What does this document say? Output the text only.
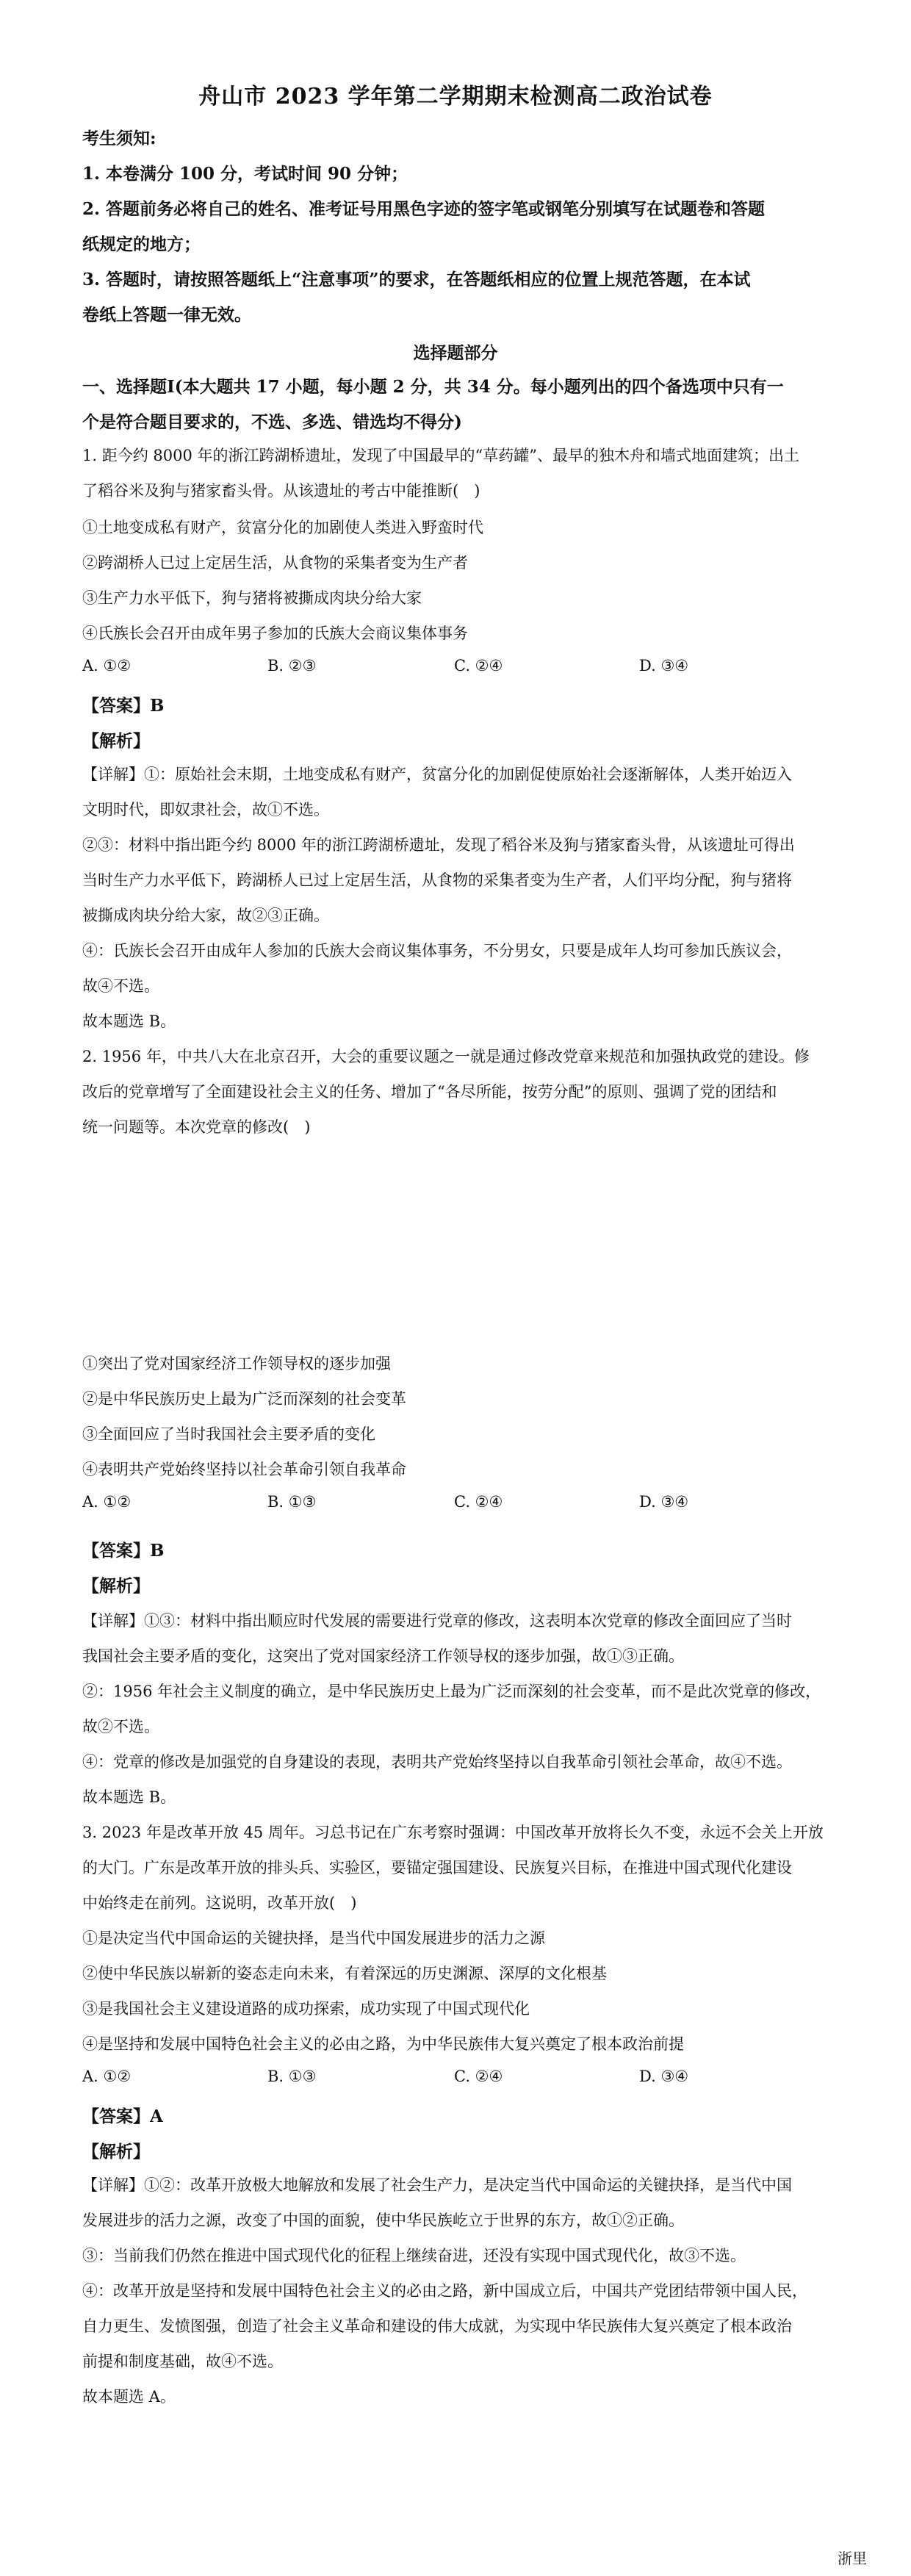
舟山市 2023 学年第二学期期末检测高二政治试卷
考生须知:
1. 本卷满分 100 分，考试时间 90 分钟；
2. 答题前务必将自己的姓名、准考证号用黑色字迹的签字笔或钢笔分别填写在试题卷和答题
纸规定的地方；
3. 答题时，请按照答题纸上“注意事项”的要求，在答题纸相应的位置上规范答题，在本试
卷纸上答题一律无效。
选择题部分
一、选择题Ⅰ(本大题共 17 小题，每小题 2 分，共 34 分。每小题列出的四个备选项中只有一
个是符合题目要求的，不选、多选、错选均不得分)
1. 距今约 8000 年的浙江跨湖桥遗址，发现了中国最早的“草药罐”、最早的独木舟和墙式地面建筑；出土
了稻谷米及狗与猪家畜头骨。从该遗址的考古中能推断(　)
①土地变成私有财产，贫富分化的加剧使人类进入野蛮时代
②跨湖桥人已过上定居生活，从食物的采集者变为生产者
③生产力水平低下，狗与猪将被撕成肉块分给大家
④氏族长会召开由成年男子参加的氏族大会商议集体事务
A. ①②	B. ②③	C. ②④	D. ③④
【答案】B
【解析】
【详解】①：原始社会末期，土地变成私有财产，贫富分化的加剧促使原始社会逐渐解体，人类开始迈入
文明时代，即奴隶社会，故①不选。
②③：材料中指出距今约 8000 年的浙江跨湖桥遗址，发现了稻谷米及狗与猪家畜头骨，从该遗址可得出
当时生产力水平低下，跨湖桥人已过上定居生活，从食物的采集者变为生产者，人们平均分配，狗与猪将
被撕成肉块分给大家，故②③正确。
④：氏族长会召开由成年人参加的氏族大会商议集体事务，不分男女，只要是成年人均可参加氏族议会，
故④不选。
故本题选 B。
2. 1956 年，中共八大在北京召开，大会的重要议题之一就是通过修改党章来规范和加强执政党的建设。修
改后的党章增写了全面建设社会主义的任务、增加了“各尽所能，按劳分配”的原则、强调了党的团结和
统一问题等。本次党章的修改(　)
①突出了党对国家经济工作领导权的逐步加强
②是中华民族历史上最为广泛而深刻的社会变革
③全面回应了当时我国社会主要矛盾的变化
④表明共产党始终坚持以社会革命引领自我革命
A. ①②	B. ①③	C. ②④	D. ③④
【答案】B
【解析】
【详解】①③：材料中指出顺应时代发展的需要进行党章的修改，这表明本次党章的修改全面回应了当时
我国社会主要矛盾的变化，这突出了党对国家经济工作领导权的逐步加强，故①③正确。
②：1956 年社会主义制度的确立，是中华民族历史上最为广泛而深刻的社会变革，而不是此次党章的修改，
故②不选。
④：党章的修改是加强党的自身建设的表现，表明共产党始终坚持以自我革命引领社会革命，故④不选。
故本题选 B。
3. 2023 年是改革开放 45 周年。习总书记在广东考察时强调：中国改革开放将长久不变，永远不会关上开放
的大门。广东是改革开放的排头兵、实验区，要锚定强国建设、民族复兴目标，在推进中国式现代化建设
中始终走在前列。这说明，改革开放(　)
①是决定当代中国命运的关键抉择，是当代中国发展进步的活力之源
②使中华民族以崭新的姿态走向未来，有着深远的历史渊源、深厚的文化根基
③是我国社会主义建设道路的成功探索，成功实现了中国式现代化
④是坚持和发展中国特色社会主义的必由之路，为中华民族伟大复兴奠定了根本政治前提
A. ①②	B. ①③	C. ②④	D. ③④
【答案】A
【解析】
【详解】①②：改革开放极大地解放和发展了社会生产力，是决定当代中国命运的关键抉择，是当代中国
发展进步的活力之源，改变了中国的面貌，使中华民族屹立于世界的东方，故①②正确。
③：当前我们仍然在推进中国式现代化的征程上继续奋进，还没有实现中国式现代化，故③不选。
④：改革开放是坚持和发展中国特色社会主义的必由之路，新中国成立后，中国共产党团结带领中国人民，
自力更生、发愤图强，创造了社会主义革命和建设的伟大成就，为实现中华民族伟大复兴奠定了根本政治
前提和制度基础，故④不选。
故本题选 A。
浙里
